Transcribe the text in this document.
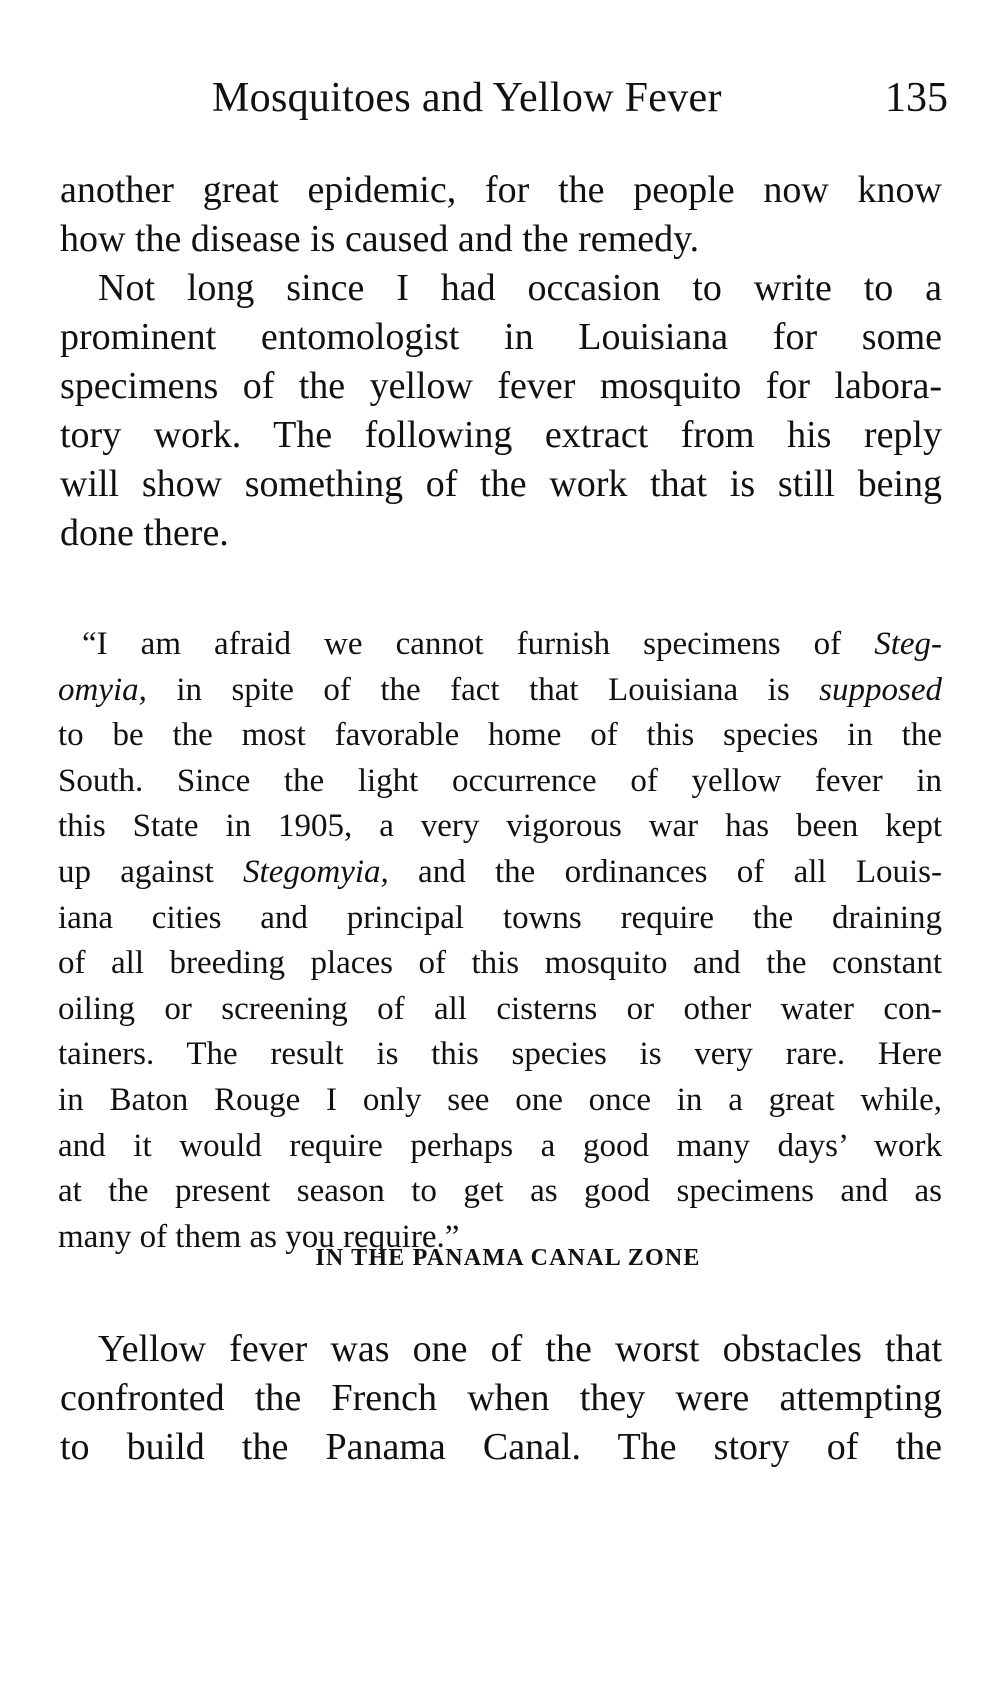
Mosquitoes and Yellow Fever	135
another great epidemic, for the people now know
how the disease is caused and the remedy.
Not long since I had occasion to write to a
prominent entomologist in Louisiana for some
specimens of the yellow fever mosquito for labora-
tory work. The following extract from his reply
will show something of the work that is still being
done there.
“I am afraid we cannot furnish specimens of Steg-
omyia, in spite of the fact that Louisiana is supposed
to be the most favorable home of this species in the
South. Since the light occurrence of yellow fever in
this State in 1905, a very vigorous war has been kept
up against Stegomyia, and the ordinances of all Louis-
iana cities and principal towns require the draining
of all breeding places of this mosquito and the constant
oiling or screening of all cisterns or other water con-
tainers. The result is this species is very rare. Here
in Baton Rouge I only see one once in a great while,
and it would require perhaps a good many days’ work
at the present season to get as good specimens and as
many of them as you require.”
IN THE PANAMA CANAL ZONE
Yellow fever was one of the worst obstacles that
confronted the French when they were attempting
to build the Panama Canal. The story of the
